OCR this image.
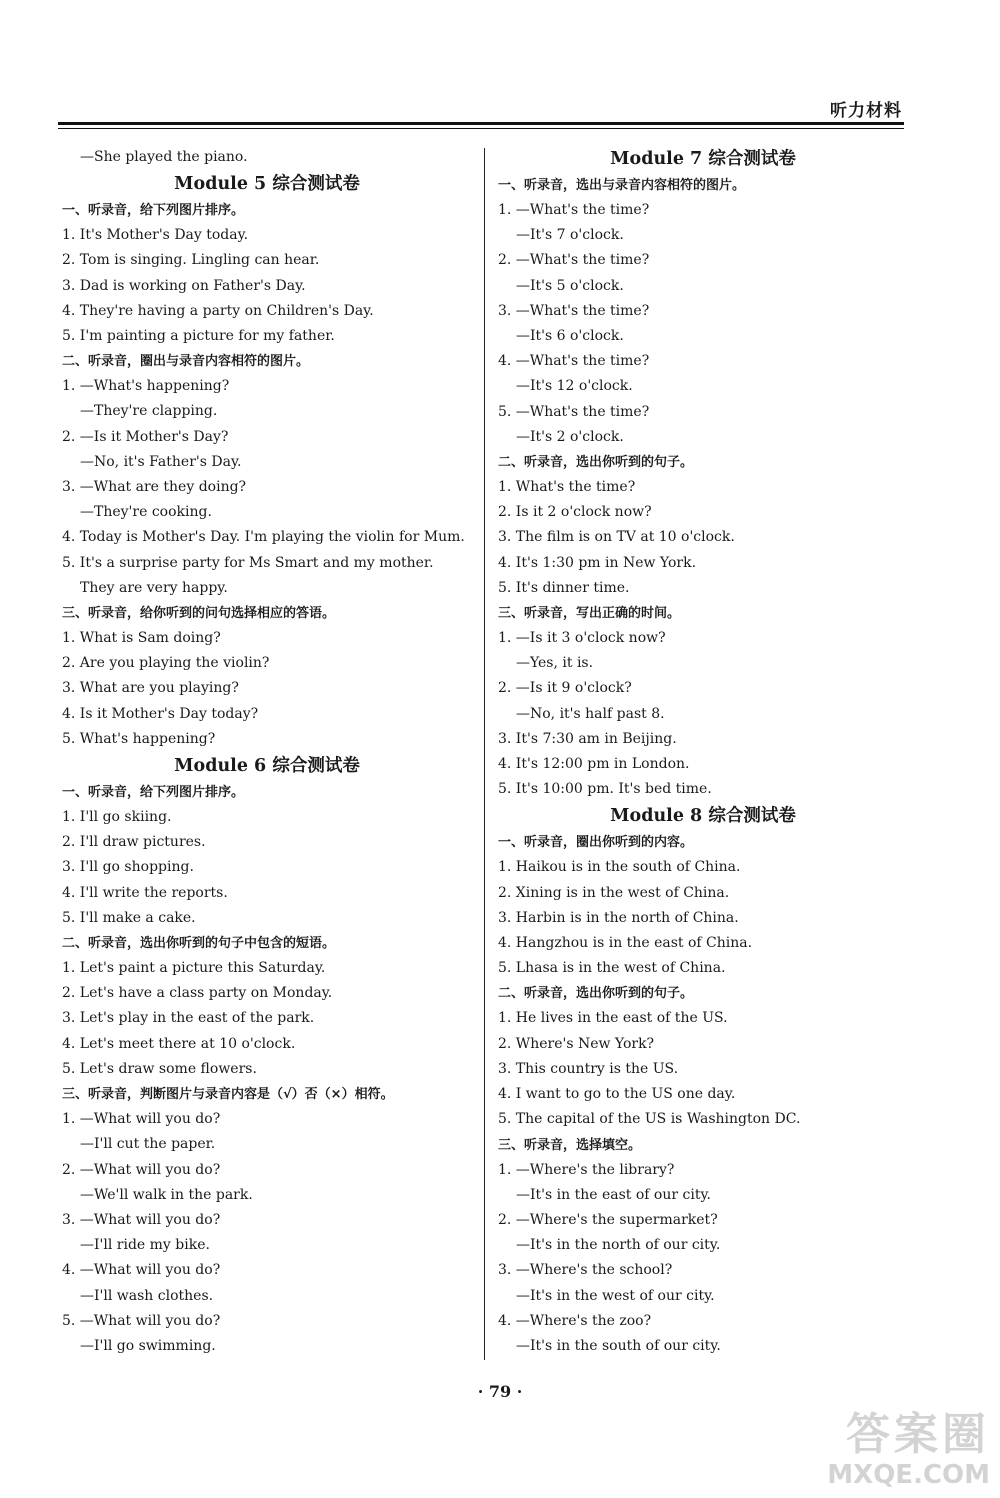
听力材料
—She played the piano.
Module 5 综合测试卷
一、听录音，给下列图片排序。
1. It's Mother's Day today.
2. Tom is singing. Lingling can hear.
3. Dad is working on Father's Day.
4. They're having a party on Children's Day.
5. I'm painting a picture for my father.
二、听录音，圈出与录音内容相符的图片。
1. —What's happening?
—They're clapping.
2. —Is it Mother's Day?
—No, it's Father's Day.
3. —What are they doing?
—They're cooking.
4. Today is Mother's Day. I'm playing the violin for Mum.
5. It's a surprise party for Ms Smart and my mother. They are very happy.
三、听录音，给你听到的问句选择相应的答语。
1. What is Sam doing?
2. Are you playing the violin?
3. What are you playing?
4. Is it Mother's Day today?
5. What's happening?
Module 6 综合测试卷
一、听录音，给下列图片排序。
1. I'll go skiing.
2. I'll draw pictures.
3. I'll go shopping.
4. I'll write the reports.
5. I'll make a cake.
二、听录音，选出你听到的句子中包含的短语。
1. Let's paint a picture this Saturday.
2. Let's have a class party on Monday.
3. Let's play in the east of the park.
4. Let's meet there at 10 o'clock.
5. Let's draw some flowers.
三、听录音，判断图片与录音内容是（√）否（×）相符。
1. —What will you do?
—I'll cut the paper.
2. —What will you do?
—We'll walk in the park.
3. —What will you do?
—I'll ride my bike.
4. —What will you do?
—I'll wash clothes.
5. —What will you do?
—I'll go swimming.
Module 7 综合测试卷
一、听录音，选出与录音内容相符的图片。
1. —What's the time?
—It's 7 o'clock.
2. —What's the time?
—It's 5 o'clock.
3. —What's the time?
—It's 6 o'clock.
4. —What's the time?
—It's 12 o'clock.
5. —What's the time?
—It's 2 o'clock.
二、听录音，选出你听到的句子。
1. What's the time?
2. Is it 2 o'clock now?
3. The film is on TV at 10 o'clock.
4. It's 1:30 pm in New York.
5. It's dinner time.
三、听录音，写出正确的时间。
1. —Is it 3 o'clock now?
—Yes, it is.
2. —Is it 9 o'clock?
—No, it's half past 8.
3. It's 7:30 am in Beijing.
4. It's 12:00 pm in London.
5. It's 10:00 pm. It's bed time.
Module 8 综合测试卷
一、听录音，圈出你听到的内容。
1. Haikou is in the south of China.
2. Xining is in the west of China.
3. Harbin is in the north of China.
4. Hangzhou is in the east of China.
5. Lhasa is in the west of China.
二、听录音，选出你听到的句子。
1. He lives in the east of the US.
2. Where's New York?
3. This country is the US.
4. I want to go to the US one day.
5. The capital of the US is Washington DC.
三、听录音，选择填空。
1. —Where's the library?
—It's in the east of our city.
2. —Where's the supermarket?
—It's in the north of our city.
3. —Where's the school?
—It's in the west of our city.
4. —Where's the zoo?
—It's in the south of our city.
· 79 ·
答案圈
MXQE.COM
